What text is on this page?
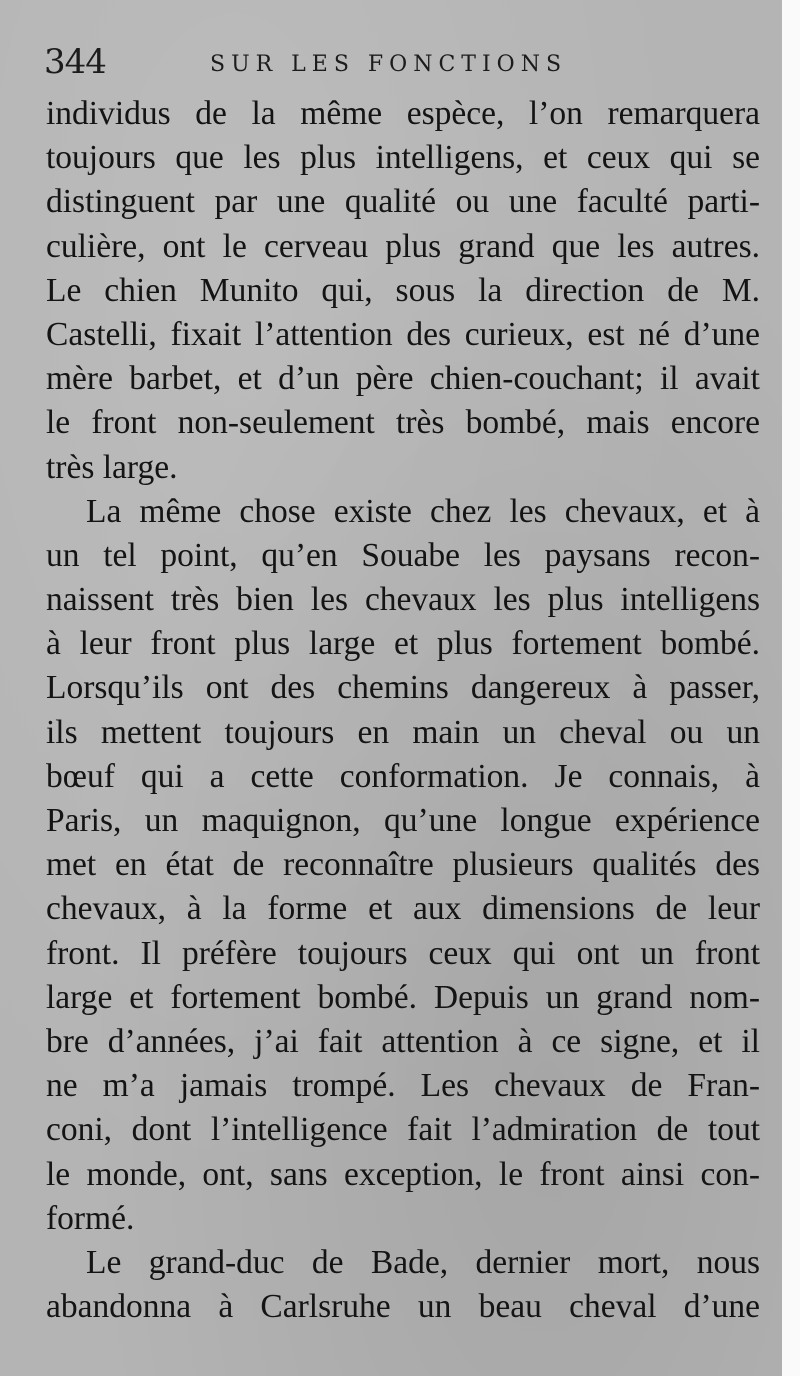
344	SUR LES FONCTIONS
individus de la même espèce, l’on remarquera
toujours que les plus intelligens, et ceux qui se
distinguent par une qualité ou une faculté parti-
culière, ont le cerveau plus grand que les autres.
Le chien Munito qui, sous la direction de M.
Castelli, fixait l’attention des curieux, est né d’une
mère barbet, et d’un père chien-couchant; il avait
le front non-seulement très bombé, mais encore
très large.
La même chose existe chez les chevaux, et à
un tel point, qu’en Souabe les paysans recon-
naissent très bien les chevaux les plus intelligens
à leur front plus large et plus fortement bombé.
Lorsqu’ils ont des chemins dangereux à passer,
ils mettent toujours en main un cheval ou un
bœuf qui a cette conformation. Je connais, à
Paris, un maquignon, qu’une longue expérience
met en état de reconnaître plusieurs qualités des
chevaux, à la forme et aux dimensions de leur
front. Il préfère toujours ceux qui ont un front
large et fortement bombé. Depuis un grand nom-
bre d’années, j’ai fait attention à ce signe, et il
ne m’a jamais trompé. Les chevaux de Fran-
coni, dont l’intelligence fait l’admiration de tout
le monde, ont, sans exception, le front ainsi con-
formé.
Le grand-duc de Bade, dernier mort, nous
abandonna à Carlsruhe un beau cheval d’une
